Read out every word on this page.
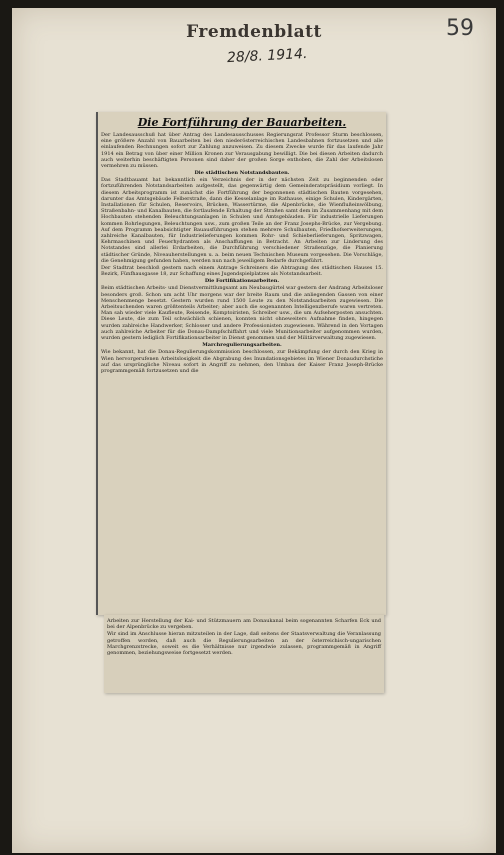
Fremdenblatt
28/8. 1914.
59
Die Fortführung der Bauarbeiten.

Der Landesausschuß hat über Antrag des Landesausschusses Regierungsrat Professor Sturm beschlossen, eine größere Anzahl von Bauarbeiten bei den niederösterreichischen Landesbahnen fortzusetzen und alle einlaufenden Rechnungen sofort zur Zahlung anzuweisen. Zu diesem Zwecke wurde für das laufende Jahr 1914 ein Betrag von über einer Million Kronen zur Verausgabung bewilligt. Die bei diesen Arbeiten dadurch auch weiterhin beschäftigten Personen sind daher der großen Sorge enthoben, die Zahl der Arbeitslosen vermehren zu müssen.

Die städtischen Notstandsbauten.

Das Stadtbauamt hat bekanntlich ein Verzeichnis der in der nächsten Zeit zu beginnenden oder fortzuführenden Notstandsarbeiten aufgestellt, das gegenwärtig dem Gemeinderatspräsidium vorliegt. In diesem Arbeitsprogramm ist zunächst die Fortführung der begonnenen städtischen Bauten vorgesehen, darunter das Amtsgebäude Felberstraße, dann die Kesselanlage im Rathause, einige Schulen, Kindergärten, Installationen für Schulen, Reservoirs, Brücken, Wassertürme, die Alpenbrücke, die Wienflußeinwölbung, Straßenbahn- und Kanalbauten, die fortlaufende Erhaltung der Straßen samt dem im Zusammenhang mit dem Hochbauten stehenden Beleuchtungsanlagen in Schulen und Amtsgebäuden. Für industrielle Lieferungen kommen Rohrlegungen, Beleuchtungen usw., zum großen Teile an der Franz Josephs-Brücke, zur Vergebung. Auf dem Programm beabsichtigter Bauausführungen stehen mehrere Schulbauten, Friedhofserweiterungen, zahlreiche Kanalbauten, für Industrielieferungen kommen Rohr- und Schieberlieferungen, Spritzwagen, Kehrmaschinen und Feuerhydranten als Anschaffungen in Betracht. An Arbeiten zur Linderung des Notstandes sind allerlei Erdarbeiten, die Durchführung verschiedener Straßenzüge, die Planierung städtischer Gründe, Niveauherstellungen u. a. beim neuen Technischen Museum vorgesehen. Die Vorschläge, die Genehmigung gefunden haben, werden nun nach jeweiligem Bedarfe durchgeführt.

Der Stadtrat beschloß gestern nach einem Antrage Schreiners die Abtragung des städtischen Hauses 15. Bezirk, Fünfhausgasse 18, zur Schaffung eines Jugendspielplatzes als Notstandsarbeit.

Die Fortifikationsarbeiten.

Beim städtischen Arbeits- und Dienstvermittlungsamt am Neubaugürtel war gestern der Andrang Arbeitsloser besonders groß. Schon um acht Uhr morgens war der breite Raum und die anliegenden Gassen von einer Menschenmenge besetzt. Gestern wurden rund 1500 Leute zu den Notstandsarbeiten zugewiesen. Die Arbeitsuchenden waren größtenteils Arbeiter; aber auch die sogenannten Intelligenzberufe waren vertreten. Man sah wieder viele Kaufleute, Reisende, Komptoiristen, Schreiber usw., die um Aufseherposten ansuchten. Diese Leute, die zum Teil schwächlich schienen, konnten nicht ohneweiters Aufnahme finden, hingegen wurden zahlreiche Handwerker, Schlosser und andere Professionisten zugewiesen. Während in den Vortagen auch zahlreiche Arbeiter für die Donau-Dampfschiffahrt und viele Munitionsarbeiter aufgenommen wurden, wurden gestern lediglich Fortifikationsarbeiter in Dienst genommen und der Militärverwaltung zugewiesen.

Marchregulierungsarbeiten.

Wie bekannt, hat die Donau-Regulierungskommission beschlossen, zur Bekämpfung der durch den Krieg in Wien hervorgerufenen Arbeitslosigkeit die Abgrabung des Inundationsgebietes im Wiener Donaudurchstiche auf das ursprüngliche Niveau sofort in Angriff zu nehmen, den Umbau der Kaiser Franz Joseph-Brücke programmgemäß fortzusetzen und die

Arbeiten zur Herstellung der Kai- und Stützmauern am Donaukanal beim sogenannten Scharfen Eck und bei der Alpenbrücke zu vergeben.

Wir sind im Anschlusse hieran mitzuteilen in der Lage, daß seitens der Staatsverwaltung die Veranlassung getroffen worden, daß auch die Regulierungsarbeiten an der österreichisch-ungarischen Marchgrenzstrecke, soweit es die Verhältnisse nur irgendwie zulassen, programmgemäß in Angriff genommen, beziehungsweise fortgesetzt werden.
